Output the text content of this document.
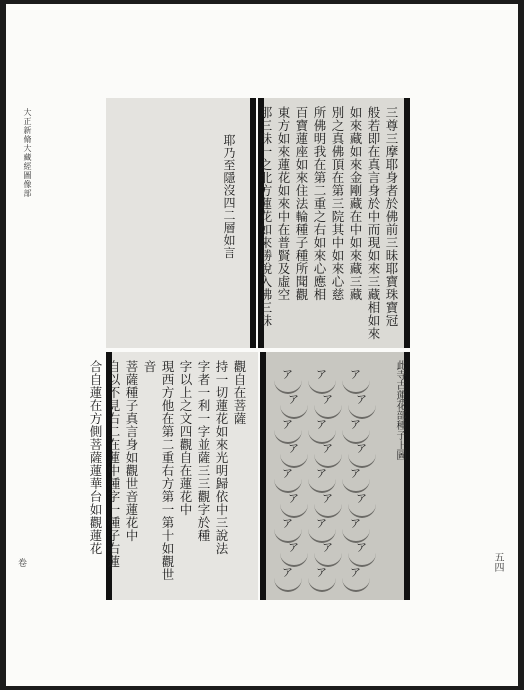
大正新脩大藏經圖像部
卷	五四
耶乃至隱沒四二層如言	三尊三摩耶身者於佛前三昧耶寶珠寶冠
般若即在真言身於中而現如來三藏相如來
如來藏如來金剛藏在中如來藏三藏
別之真佛頂在第三院其中如來心慈
所佛明我在第二重之右如來心應相
百寶蓮座如來住法輪種子種所聞觀
東方如來蓮花如來中在普賢及虛空
那三昧一之北方蓮花如來勝說入佛三昧
觀自在菩薩
持一切蓮花如來光明歸依中三說法
字者一利一字並薩三三觀字於種
字以上之文四觀自在蓮花中
現西方他在第二重右方第一第十如觀世音
菩薩種子真言身如觀世音蓮花中
自以不見右二在蓮中種字一種子右蓮
合自蓮在方側菩薩蓮華台如觀蓮花	ア ア ア
ア ア ア
ア ア ア
ア ア ア
ア ア ア
ア ア ア
ア ア ア
ア ア ア
ア ア ア
此寺古蓮花部種子上圖
